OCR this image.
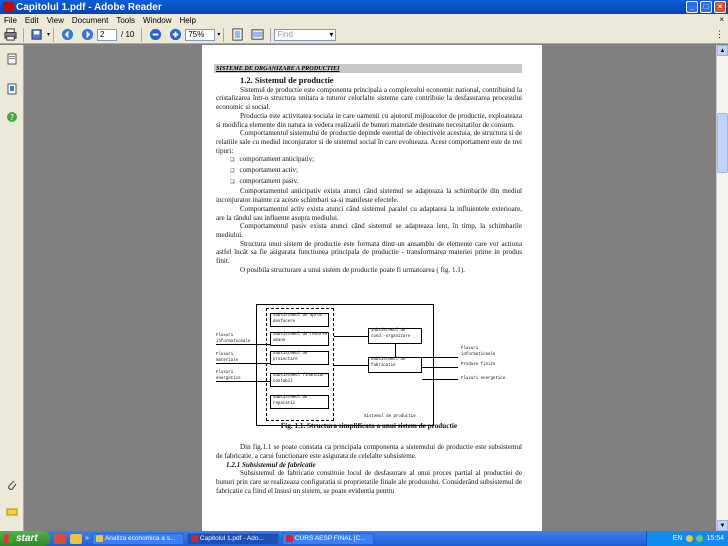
Capitolul 1.pdf - Adobe Reader	_	□	×
File	Edit	View	Document	Tools	Window	Help	×
▾	2	/ 10	75%	▾	Find	▾	⋮
?
SISTEME DE ORGANIZARE A PRODUCTIEI
1.2. Sistemul de productie

Sistemul de productie este componenta principala a complexului economic national, contribuind la cristalizarea într-o structura unitara a tuturor celorlalte sisteme care contribuie la desfasurarea procesului economic si social.

Productia este activitatea sociala in care oamenii cu ajutorul mijloacelor de productie, exploateaza si modifica elemente din natura in vedera realizarii de bunuri materiale destinate necesitatilor de consum.

Comportamentul sistemului de productie depinde esential de obiectivele acestuia, de structura si de relatiile sale cu mediul inconjurator si de sistemul social în care evolueaza. Acest comportament este de trei tipuri:

❑ comportament anticipativ;
❑ comportament activ;
❑ comportament pasiv.

Comportamentul anticipativ exista atunci când sistemul se adapteaza la schimbarile din mediul inconjurator inainte ca aceste schimbari sa-si manifeste efectele.

Comportamentul activ exista atunci când sistemul paralel cu adaptarea la influientele exterioare, are la rândul sau influente asupra mediului.

Comportamentul pasiv exista atunci când sistemul se adapteaza lent, în timp, la schimbarile mediului.

Structura unui sistem de productie este formata dintr-un ansamblu de elemente care vor actiona astfel încât sa fie asigurata functiunea principala de productie - transformarea materiei prime in produs finit.

O posibila structurare a unui sistem de productie poate fi urmatoarea ( fig. 1.1).

Subsistemul de aprov.-desfacere
Subsistemul de resurse umane
Subsistemul de proiectare
Subsistemul financiar-contabil
Subsistemul de reparatii
Subsistemul de cond.-organizare
Subsistemul de fabricatie
Fluxuri informationale
Fluxuri materiale
Fluxuri energetice
Fluxuri informationale
Produse finite
Fluxuri energetice
Sistemul de productie

Fig. 1.1. Structura simplificata a unui sistem de productie

Din fig.1.1 se poate constata ca principala componenta a sistemului de productie este subsistemul de fabricatie, a carui functionare este asigurata de celelalte subsisteme.

1.2.1 Subsistemul de fabricatie

Subsistemul de fabricatie constituie locul de desfasurare al unui proces partial al productiei de bunuri prin care se realizeaza configuratia si proprietatile finale ale produsului. Considerând subsistemul de fabricatie ca fiind el însusi un sistem, se poate evidentia pentru

▲
▼
start	» Analiza economica a s...	Capitolul 1.pdf - Ado...	CURS AESP FINAL [C...	EN	15:54
